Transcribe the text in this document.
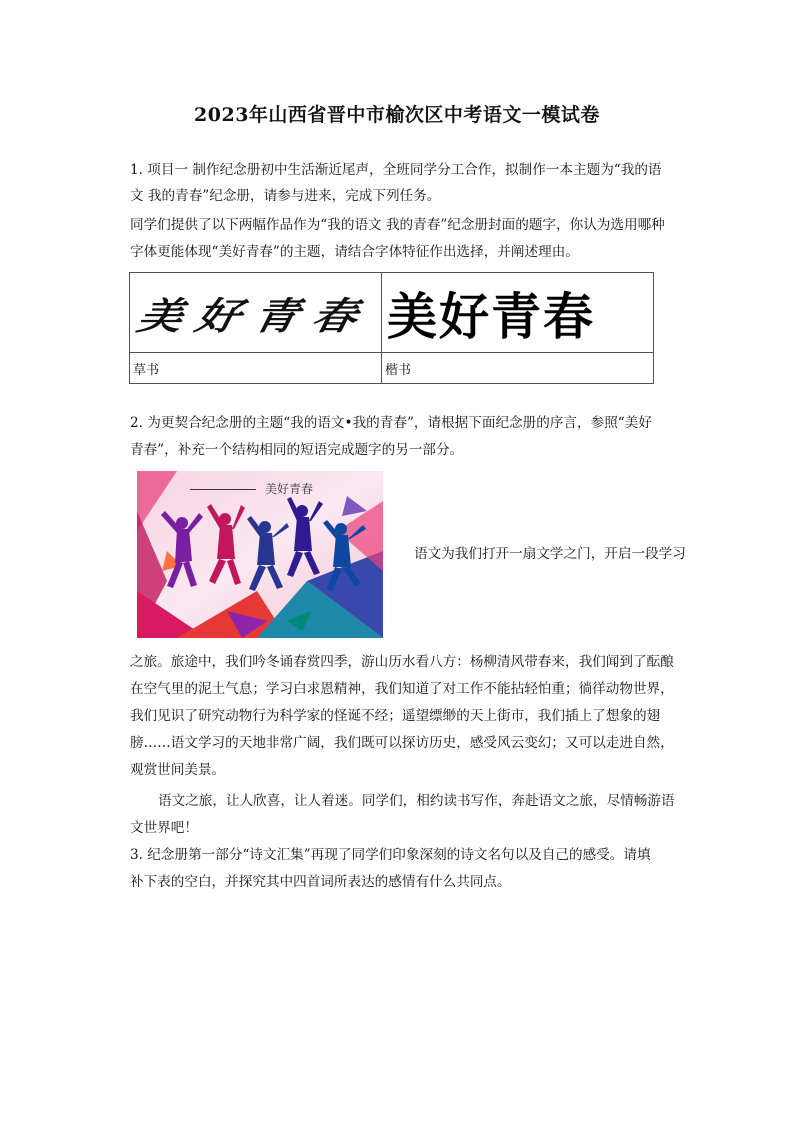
2023年山西省晋中市榆次区中考语文一模试卷

1. 项目一 制作纪念册初中生活渐近尾声，全班同学分工合作，拟制作一本主题为“我的语

文 我的青春”纪念册，请参与进来，完成下列任务。

同学们提供了以下两幅作品作为“我的语文 我的青春”纪念册封面的题字，你认为选用哪种

字体更能体现“美好青春”的主题，请结合字体特征作出选择，并阐述理由。

美好青春	美好青春

草书	楷书

2. 为更契合纪念册的主题“我的语文•我的青春”，请根据下面纪念册的序言，参照“美好

青春”，补充一个结构相同的短语完成题字的另一部分。

美好青春
语文为我们打开一扇文学之门，开启一段学习

之旅。旅途中，我们吟冬诵春赏四季，游山历水看八方：杨柳清风带春来，我们闻到了酝酿

在空气里的泥土气息；学习白求恩精神，我们知道了对工作不能拈轻怕重；徜徉动物世界，

我们见识了研究动物行为科学家的怪诞不经；遥望缥缈的天上街市，我们插上了想象的翅

膀……语文学习的天地非常广阔，我们既可以探访历史，感受风云变幻；又可以走进自然，

观赏世间美景。

语文之旅，让人欣喜，让人着迷。同学们，相约读书写作，奔赴语文之旅，尽情畅游语

文世界吧！

3. 纪念册第一部分“诗文汇集”再现了同学们印象深刻的诗文名句以及自己的感受。请填

补下表的空白，并探究其中四首词所表达的感情有什么共同点。
